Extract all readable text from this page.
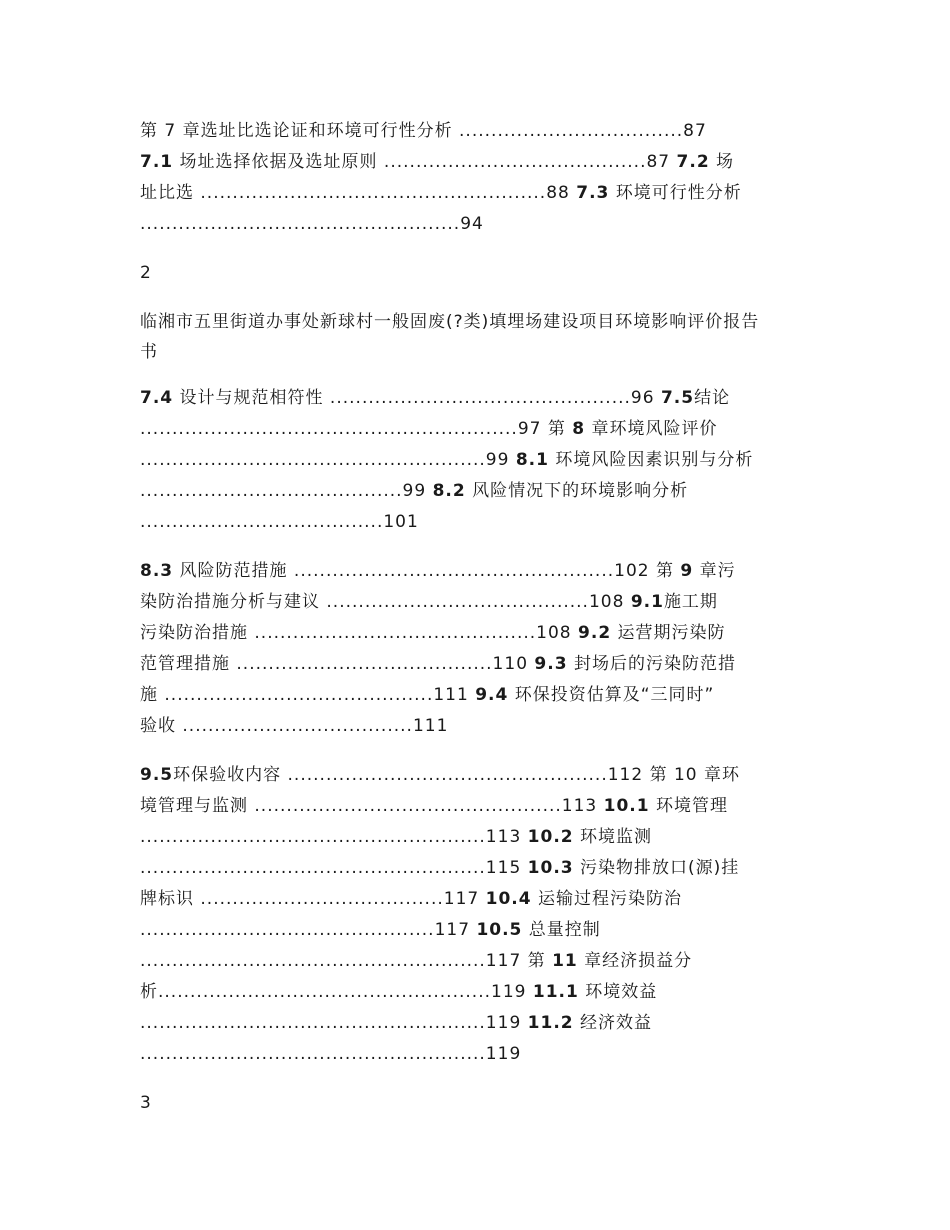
第 7 章选址比选论证和环境可行性分析 ...................................87
7.1 场址选择依据及选址原则 .........................................87 7.2 场
址比选 ......................................................88 7.3 环境可行性分析
..................................................94
2
临湘市五里街道办事处新球村一般固废(?类)填埋场建设项目环境影响评价报告
书
7.4 设计与规范相符性 ...............................................96 7.5结论
...........................................................97 第 8 章环境风险评价
......................................................99 8.1 环境风险因素识别与分析
.........................................99 8.2 风险情况下的环境影响分析
......................................101
8.3 风险防范措施 ..................................................102 第 9 章污
染防治措施分析与建议 .........................................108 9.1施工期
污染防治措施 ............................................108 9.2 运营期污染防
范管理措施 ........................................110 9.3 封场后的污染防范措
施 ..........................................111 9.4 环保投资估算及“三同时”
验收 ....................................111
9.5环保验收内容 ..................................................112 第 10 章环
境管理与监测 ................................................113 10.1 环境管理
......................................................113 10.2 环境监测
......................................................115 10.3 污染物排放口(源)挂
牌标识 ......................................117 10.4 运输过程污染防治
..............................................117 10.5 总量控制
......................................................117 第 11 章经济损益分
析....................................................119 11.1 环境效益
......................................................119 11.2 经济效益
......................................................119
3
